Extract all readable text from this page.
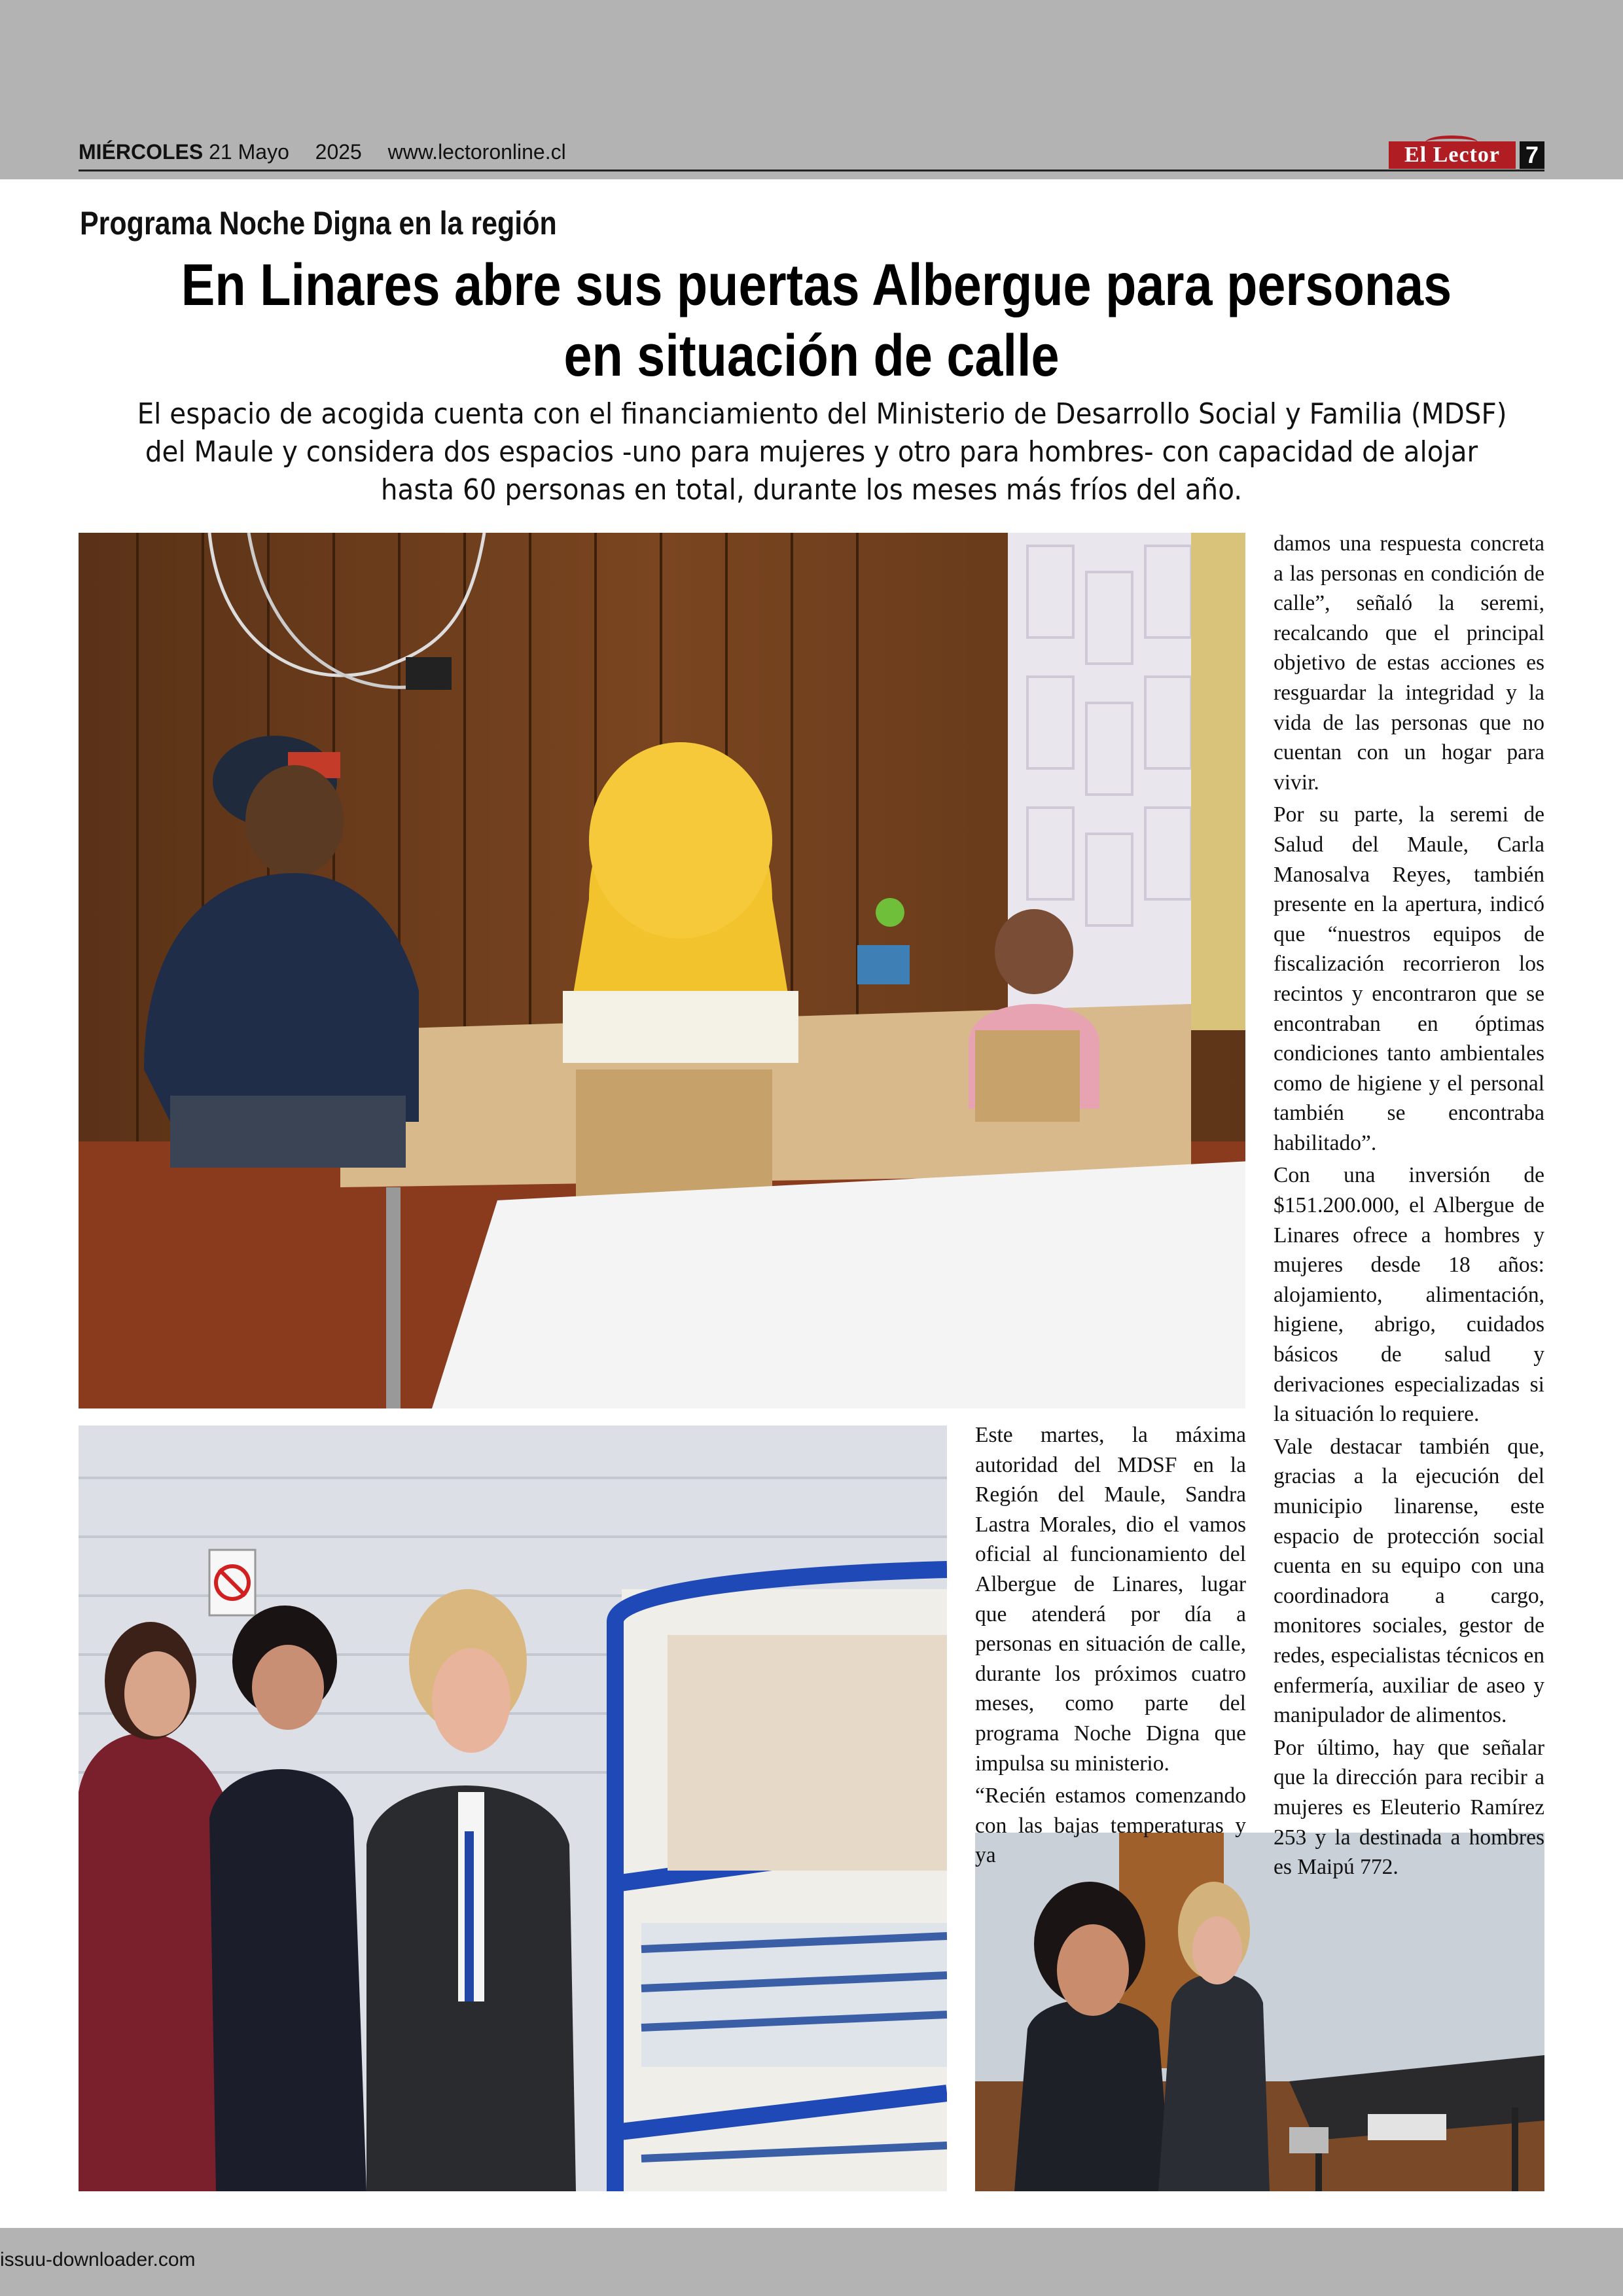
MIÉRCOLES 21 Mayo 2025 www.lectoronline.cl	El Lector	7
Programa Noche Digna en la región
En Linares abre sus puertas Albergue para personas
en situación de calle
El espacio de acogida cuenta con el financiamiento del Ministerio de Desarrollo Social y Familia (MDSF)
del Maule y considera dos espacios -uno para mujeres y otro para hombres- con capacidad de alojar
hasta 60 personas en total, durante los meses más fríos del año.

Este martes, la máxima autoridad del MDSF en la Región del Maule, Sandra Lastra Morales, dio el vamos oficial al funcionamiento del Albergue de Linares, lugar que atenderá por día a personas en situación de calle, durante los próximos cuatro meses, como parte del programa Noche Digna que impulsa su ministerio.

“Recién estamos comenzando con las bajas temperaturas y ya

damos una respuesta concreta a las personas en condición de calle”, señaló la seremi, recalcando que el principal objetivo de estas acciones es resguardar la integridad y la vida de las personas que no cuentan con un hogar para vivir.

Por su parte, la seremi de Salud del Maule, Carla Manosalva Reyes, también presente en la apertura, indicó que “nuestros equipos de fiscalización recorrieron los recintos y encontraron que se encontraban en óptimas condiciones tanto ambientales como de higiene y el personal también se encontraba habilitado”.

Con una inversión de $151.200.000, el Albergue de Linares ofrece a hombres y mujeres desde 18 años: alojamiento, alimentación, higiene, abrigo, cuidados básicos de salud y derivaciones especializadas si la situación lo requiere.

Vale destacar también que, gracias a la ejecución del municipio linarense, este espacio de protección social cuenta en su equipo con una coordinadora a cargo, monitores sociales, gestor de redes, especialistas técnicos en enfermería, auxiliar de aseo y manipulador de alimentos.

Por último, hay que señalar que la dirección para recibir a mujeres es Eleuterio Ramírez 253 y la destinada a hombres es Maipú 772.

issuu-downloader.com
